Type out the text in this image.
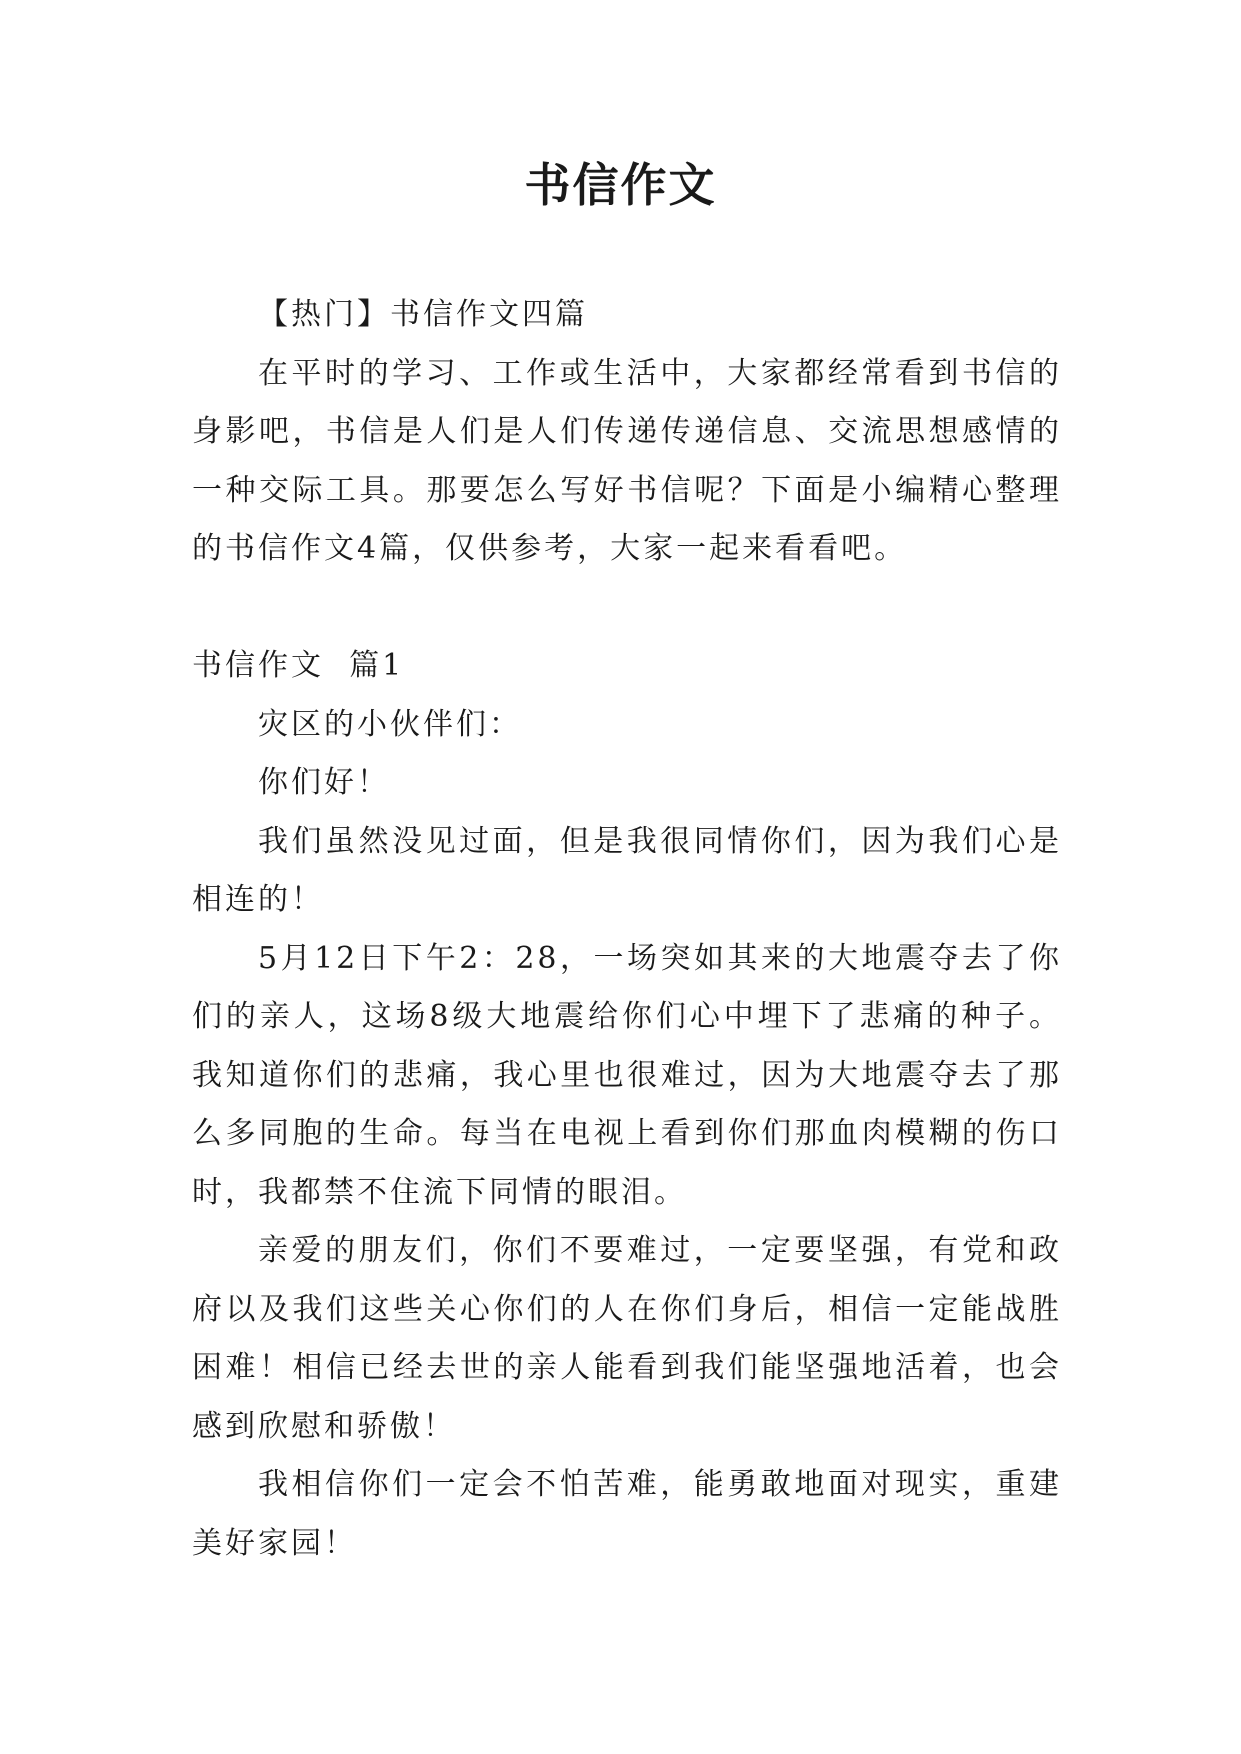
书信作文

【热门】书信作文四篇

在平时的学习、工作或生活中，大家都经常看到书信的身影吧，书信是人们是人们传递传递信息、交流思想感情的一种交际工具。那要怎么写好书信呢？下面是小编精心整理的书信作文4篇，仅供参考，大家一起来看看吧。

书信作文  篇1

灾区的小伙伴们：

你们好！

我们虽然没见过面，但是我很同情你们，因为我们心是相连的！

5月12日下午2：28，一场突如其来的大地震夺去了你们的亲人，这场8级大地震给你们心中埋下了悲痛的种子。我知道你们的悲痛，我心里也很难过，因为大地震夺去了那么多同胞的生命。每当在电视上看到你们那血肉模糊的伤口时，我都禁不住流下同情的眼泪。

亲爱的朋友们，你们不要难过，一定要坚强，有党和政府以及我们这些关心你们的人在你们身后，相信一定能战胜困难！相信已经去世的亲人能看到我们能坚强地活着，也会感到欣慰和骄傲！

我相信你们一定会不怕苦难，能勇敢地面对现实，重建美好家园！
